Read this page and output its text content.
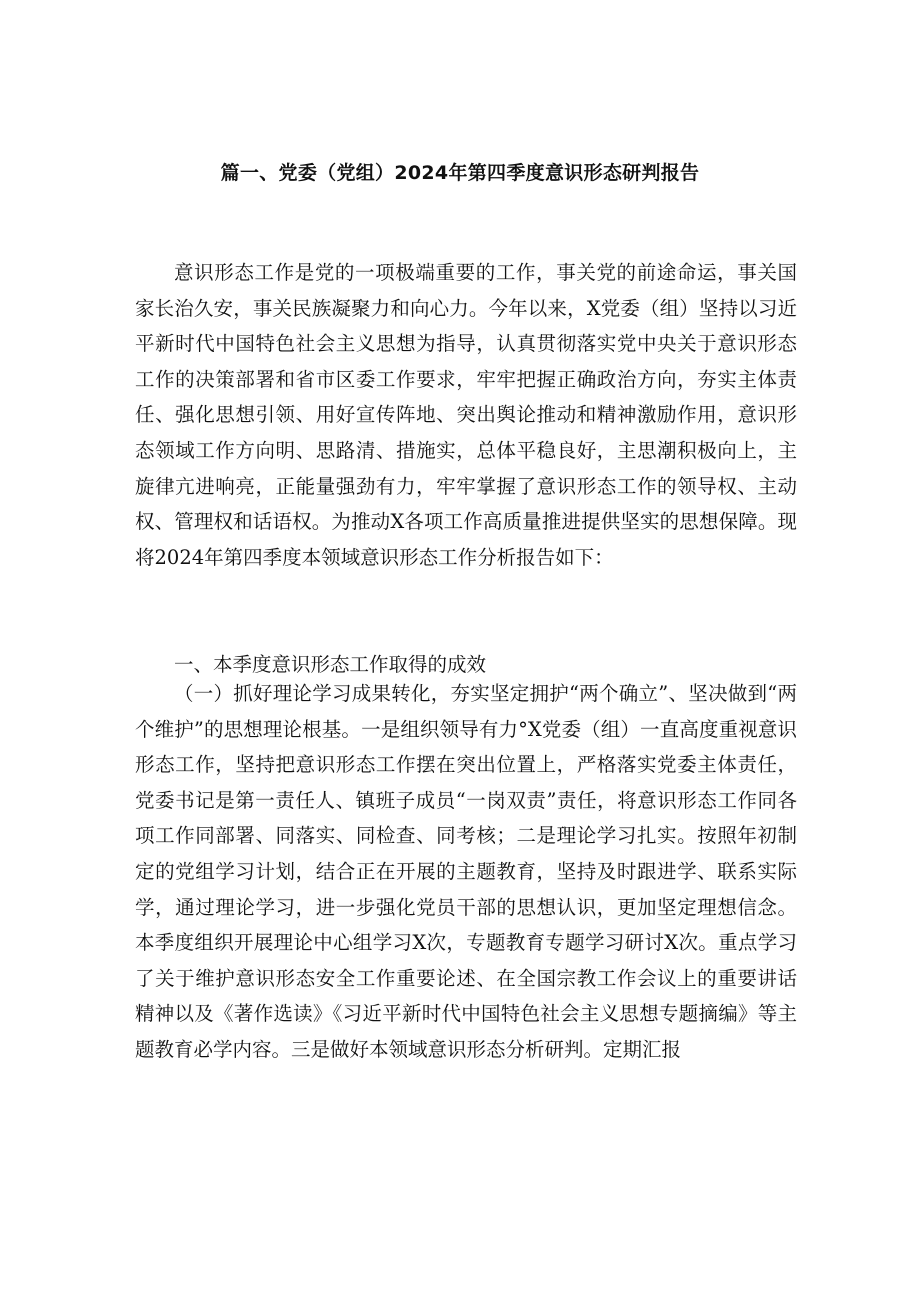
篇一、党委（党组）2024年第四季度意识形态研判报告

意识形态工作是党的一项极端重要的工作，事关党的前途命运，事关国家长治久安，事关民族凝聚力和向心力。今年以来，X党委（组）坚持以习近平新时代中国特色社会主义思想为指导，认真贯彻落实党中央关于意识形态工作的决策部署和省市区委工作要求，牢牢把握正确政治方向，夯实主体责任、强化思想引领、用好宣传阵地、突出舆论推动和精神激励作用，意识形态领域工作方向明、思路清、措施实，总体平稳良好，主思潮积极向上，主旋律亢进响亮，正能量强劲有力，牢牢掌握了意识形态工作的领导权、主动权、管理权和话语权。为推动X各项工作高质量推进提供坚实的思想保障。现将2024年第四季度本领域意识形态工作分析报告如下：

一、本季度意识形态工作取得的成效

（一）抓好理论学习成果转化，夯实坚定拥护“两个确立”、坚决做到“两个维护”的思想理论根基。一是组织领导有力°X党委（组）一直高度重视意识形态工作，坚持把意识形态工作摆在突出位置上，严格落实党委主体责任，党委书记是第一责任人、镇班子成员“一岗双责”责任，将意识形态工作同各项工作同部署、同落实、同检查、同考核；二是理论学习扎实。按照年初制定的党组学习计划，结合正在开展的主题教育，坚持及时跟进学、联系实际学，通过理论学习，进一步强化党员干部的思想认识，更加坚定理想信念。本季度组织开展理论中心组学习X次，专题教育专题学习研讨X次。重点学习了关于维护意识形态安全工作重要论述、在全国宗教工作会议上的重要讲话精神以及《著作选读》《习近平新时代中国特色社会主义思想专题摘编》等主题教育必学内容。三是做好本领域意识形态分析研判。定期汇报
